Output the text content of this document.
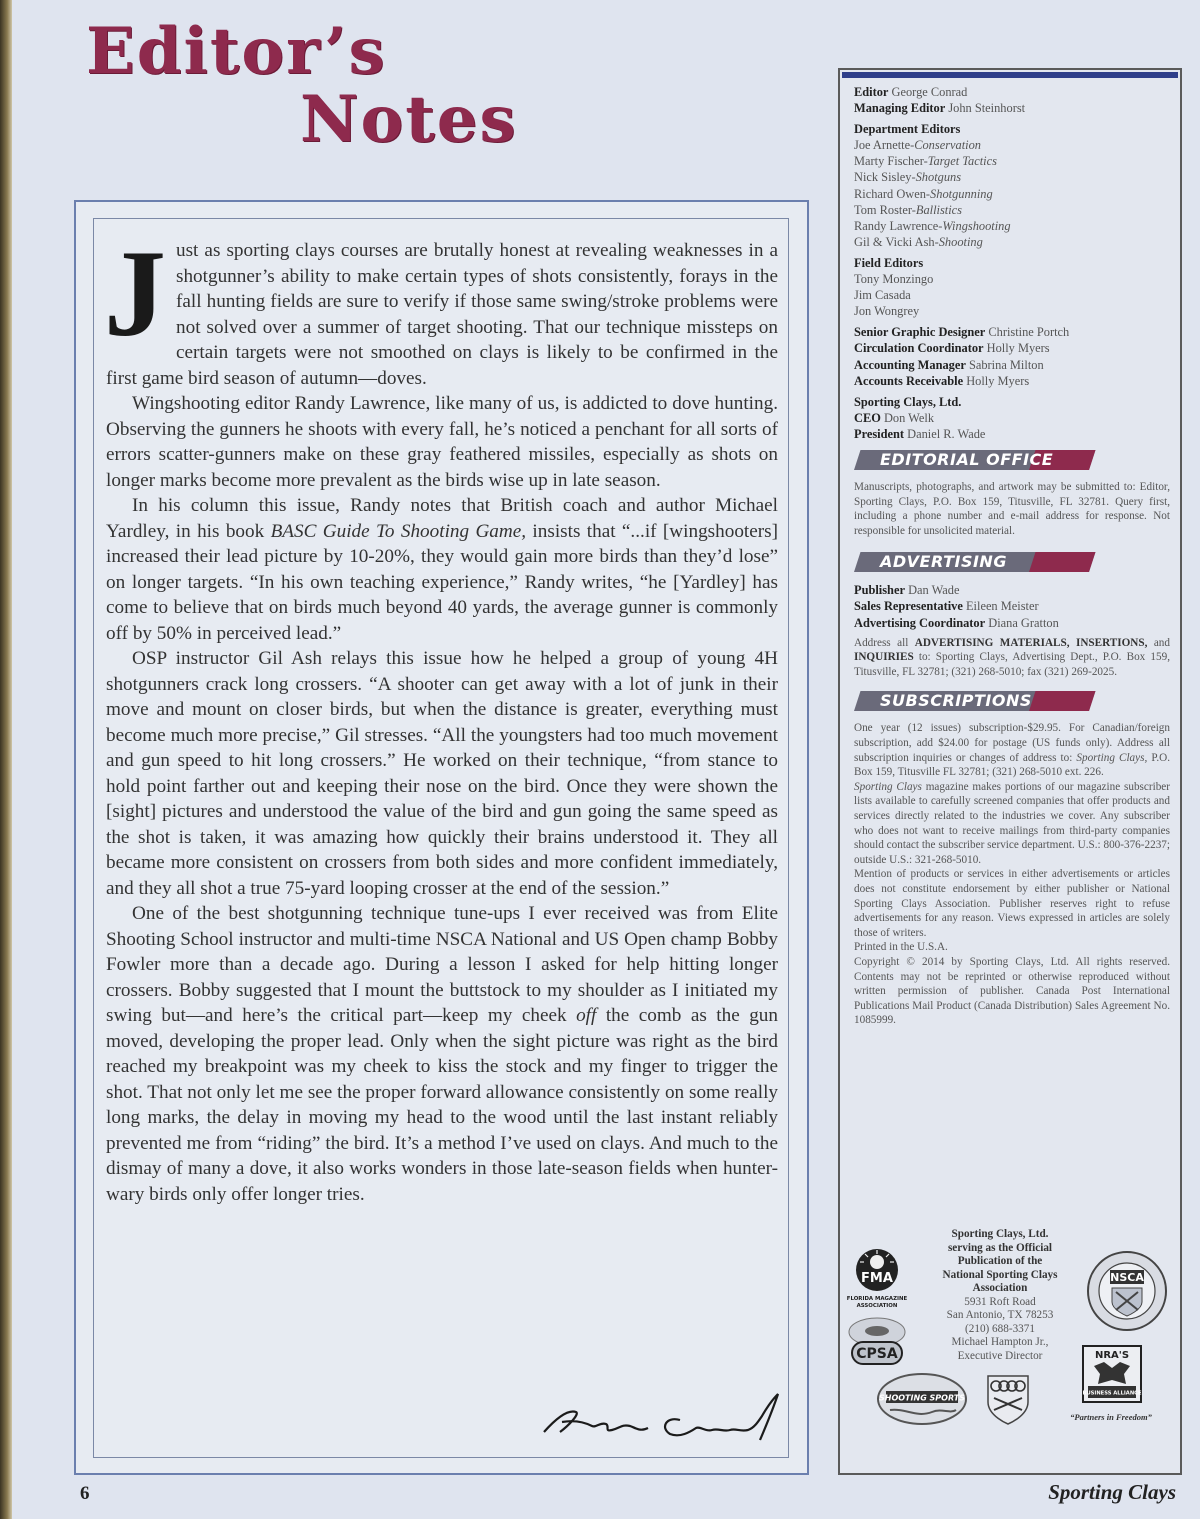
Editor’s
Notes

Just as sporting clays courses are brutally honest at revealing weaknesses in a shotgunner’s ability to make certain types of shots consistently, forays in the fall hunting fields are sure to verify if those same swing/stroke problems were not solved over a summer of target shooting. That our technique missteps on certain targets were not smoothed on clays is likely to be confirmed in the first game bird season of autumn—doves.

Wingshooting editor Randy Lawrence, like many of us, is addicted to dove hunting. Observing the gunners he shoots with every fall, he’s noticed a penchant for all sorts of errors scatter-gunners make on these gray feathered missiles, especially as shots on longer marks become more prevalent as the birds wise up in late season.

In his column this issue, Randy notes that British coach and author Michael Yardley, in his book BASC Guide To Shooting Game, insists that “...if [wingshooters] increased their lead picture by 10-20%, they would gain more birds than they’d lose” on longer targets. “In his own teaching experience,” Randy writes, “he [Yardley] has come to believe that on birds much beyond 40 yards, the average gunner is commonly off by 50% in perceived lead.”

OSP instructor Gil Ash relays this issue how he helped a group of young 4H shotgunners crack long crossers. “A shooter can get away with a lot of junk in their move and mount on closer birds, but when the distance is greater, everything must become much more precise,” Gil stresses. “All the youngsters had too much movement and gun speed to hit long crossers.” He worked on their technique, “from stance to hold point farther out and keeping their nose on the bird. Once they were shown the [sight] pictures and understood the value of the bird and gun going the same speed as the shot is taken, it was amazing how quickly their brains understood it. They all became more consistent on crossers from both sides and more confident immediately, and they all shot a true 75-yard looping crosser at the end of the session.”

One of the best shotgunning technique tune-ups I ever received was from Elite Shooting School instructor and multi-time NSCA National and US Open champ Bobby Fowler more than a decade ago. During a lesson I asked for help hitting longer crossers. Bobby suggested that I mount the buttstock to my shoulder as I initiated my swing but—and here’s the critical part—keep my cheek off the comb as the gun moved, developing the proper lead. Only when the sight picture was right as the bird reached my breakpoint was my cheek to kiss the stock and my finger to trigger the shot. That not only let me see the proper forward allowance consistently on some really long marks, the delay in moving my head to the wood until the last instant reliably prevented me from “riding” the bird. It’s a method I’ve used on clays. And much to the dismay of many a dove, it also works wonders in those late-season fields when hunter-wary birds only offer longer tries.

6	Sporting Clays
Editor George Conrad
Managing Editor John Steinhorst
Department Editors
Joe Arnette-Conservation
Marty Fischer-Target Tactics
Nick Sisley-Shotguns
Richard Owen-Shotgunning
Tom Roster-Ballistics
Randy Lawrence-Wingshooting
Gil & Vicki Ash-Shooting
Field Editors
Tony Monzingo
Jim Casada
Jon Wongrey
Senior Graphic Designer Christine Portch
Circulation Coordinator Holly Myers
Accounting Manager Sabrina Milton
Accounts Receivable Holly Myers
Sporting Clays, Ltd.
CEO Don Welk
President Daniel R. Wade
EDITORIAL OFFICE
Manuscripts, photographs, and artwork may be submitted to: Editor, Sporting Clays, P.O. Box 159, Titusville, FL 32781. Query first, including a phone number and e-mail address for response. Not responsible for unsolicited material.
ADVERTISING
Publisher Dan Wade
Sales Representative Eileen Meister
Advertising Coordinator Diana Gratton
Address all ADVERTISING MATERIALS, INSERTIONS, and INQUIRIES to: Sporting Clays, Advertising Dept., P.O. Box 159, Titusville, FL 32781; (321) 268-5010; fax (321) 269-2025.
SUBSCRIPTIONS
One year (12 issues) subscription-$29.95. For Canadian/foreign subscription, add $24.00 for postage (US funds only). Address all subscription inquiries or changes of address to: Sporting Clays, P.O. Box 159, Titusville FL 32781; (321) 268-5010 ext. 226.
Sporting Clays magazine makes portions of our magazine subscriber lists available to carefully screened companies that offer products and services directly related to the industries we cover. Any subscriber who does not want to receive mailings from third-party companies should contact the subscriber service department. U.S.: 800-376-2237; outside U.S.: 321-268-5010.
Mention of products or services in either advertisements or articles does not constitute endorsement by either publisher or National Sporting Clays Association. Publisher reserves right to refuse advertisements for any reason. Views expressed in articles are solely those of writers.
Printed in the U.S.A.
Copyright © 2014 by Sporting Clays, Ltd. All rights reserved. Contents may not be reprinted or otherwise reproduced without written permission of publisher. Canada Post International Publications Mail Product (Canada Distribution) Sales Agreement No. 1085999.
Sporting Clays, Ltd.
serving as the Official
Publication of the
National Sporting Clays
Association
5931 Roft Road
San Antonio, TX 78253
(210) 688-3371
Michael Hampton Jr.,
Executive Director
FMA
FLORIDA MAGAZINE
ASSOCIATION
CPSA
SHOOTING SPORTS
NSCA
NRA'S
BUSINESS ALLIANCE
“Partners in Freedom”
